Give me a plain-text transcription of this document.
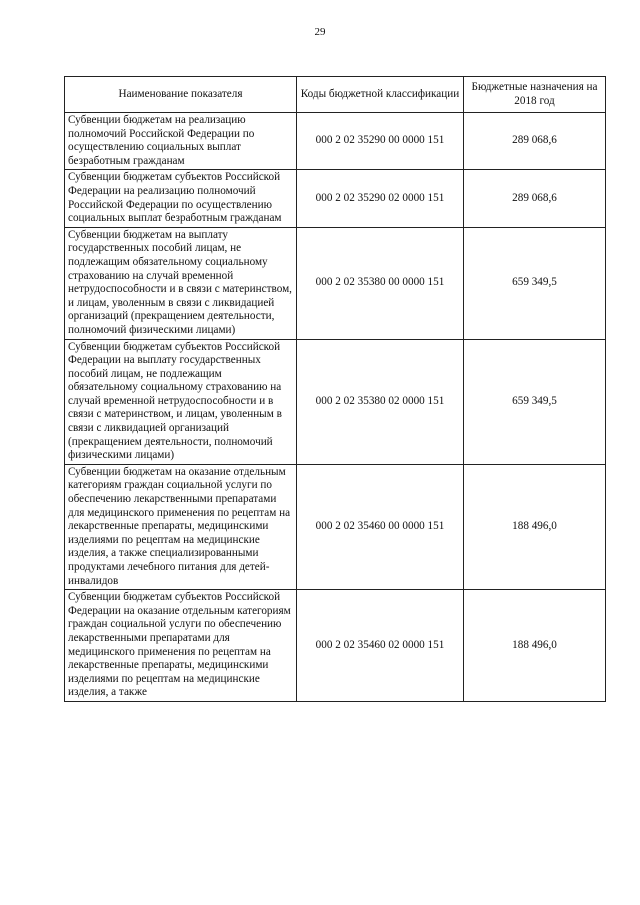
29
Наименование показателя	Коды бюджетной классификации	Бюджетные назначения на 2018 год
Субвенции бюджетам на реализацию полномочий Российской Федерации по осуществлению социальных выплат безработным гражданам	000 2 02 35290 00 0000 151	289 068,6
Субвенции бюджетам субъектов Российской Федерации на реализацию полномочий Российской Федерации по осуществлению социальных выплат безработным гражданам	000 2 02 35290 02 0000 151	289 068,6
Субвенции бюджетам на выплату государственных пособий лицам, не подлежащим обязательному социальному страхованию на случай временной нетрудоспособности и в связи с материнством, и лицам, уволенным в связи с ликвидацией организаций (прекращением деятельности, полномочий физическими лицами)	000 2 02 35380 00 0000 151	659 349,5
Субвенции бюджетам субъектов Российской Федерации на выплату государственных пособий лицам, не подлежащим обязательному социальному страхованию на случай временной нетрудоспособности и в связи с материнством, и лицам, уволенным в связи с ликвидацией организаций (прекращением деятельности, полномочий физическими лицами)	000 2 02 35380 02 0000 151	659 349,5
Субвенции бюджетам на оказание отдельным категориям граждан социальной услуги по обеспечению лекарственными препаратами для медицинского применения по рецептам на лекарственные препараты, медицинскими изделиями по рецептам на медицинские изделия, а также специализированными продуктами лечебного питания для детей-инвалидов	000 2 02 35460 00 0000 151	188 496,0
Субвенции бюджетам субъектов Российской Федерации на оказание отдельным категориям граждан социальной услуги по обеспечению лекарственными препаратами для медицинского применения по рецептам на лекарственные препараты, медицинскими изделиями по рецептам на медицинские изделия, а также	000 2 02 35460 02 0000 151	188 496,0
